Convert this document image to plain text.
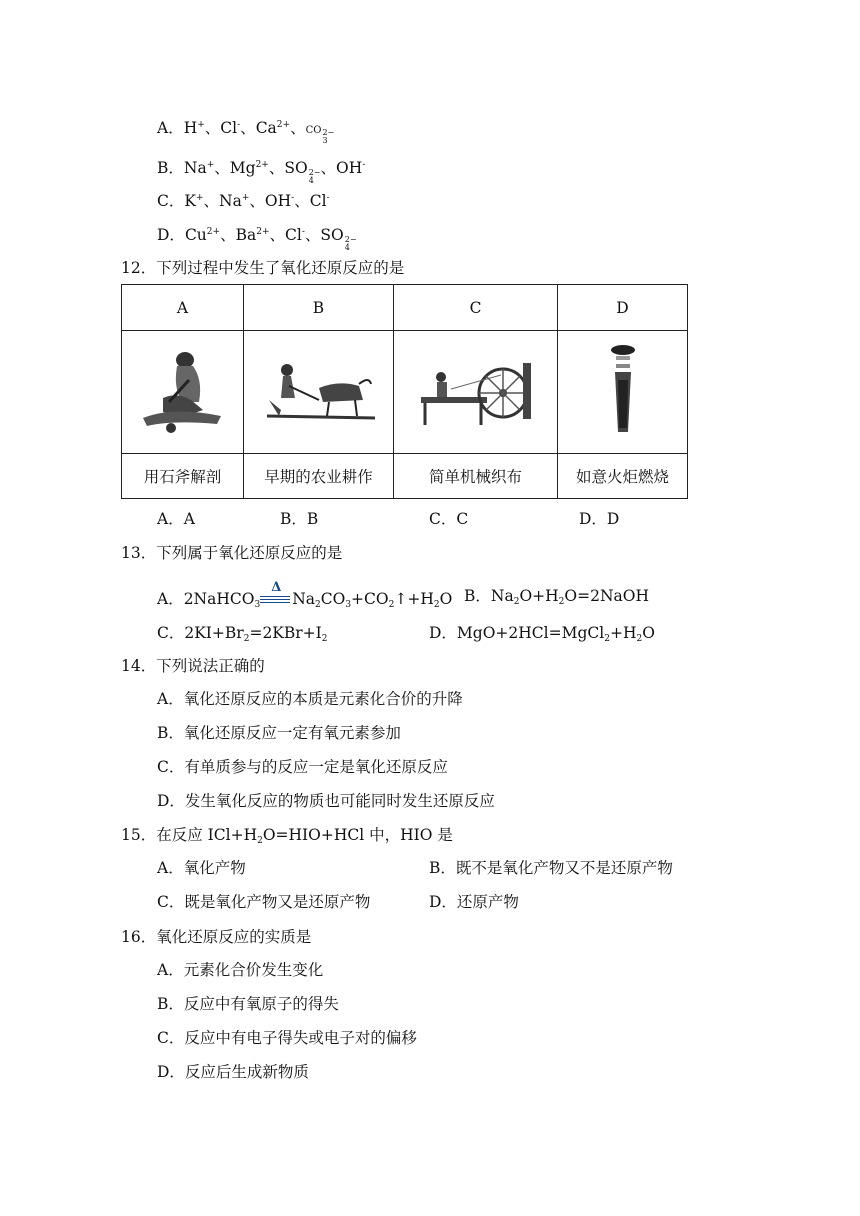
A．H+、Cl-、$Ca^{2+}$、CO 2−
3
B．Na+、$Mg^{2+}$、SO 2−
4
、OH-
C．K+、Na+、OH-、Cl-
D．$Cu^{2+}$、$Ba^{2+}$、Cl-、SO 2−
4
12．下列过程中发生了氧化还原反应的是
A	B	C	D

用石斧解剖	早期的农业耕作	简单机械织布	如意火炬燃烧
A．A	B．B	C．C	D．D
13．下列属于氧化还原反应的是
A．2NaHCO$_3$
Δ
$Na_2CO_3+CO_2↑+H_2O$ B．$Na_2O+H_2O=2NaOH$
C．$2KI+Br_2=2KBr+I_2$	D．$MgO+2HCl=MgCl_2+H_2O$
14．下列说法正确的
A．氧化还原反应的本质是元素化合价的升降
B．氧化还原反应一定有氧元素参加
C．有单质参与的反应一定是氧化还原反应
D．发生氧化反应的物质也可能同时发生还原反应
15．在反应 $ICl+H_2O=HIO+HCl$ 中，HIO 是
A．氧化产物	B．既不是氧化产物又不是还原产物
C．既是氧化产物又是还原产物	D．还原产物
16．氧化还原反应的实质是
A．元素化合价发生变化
B．反应中有氧原子的得失
C．反应中有电子得失或电子对的偏移
D．反应后生成新物质
